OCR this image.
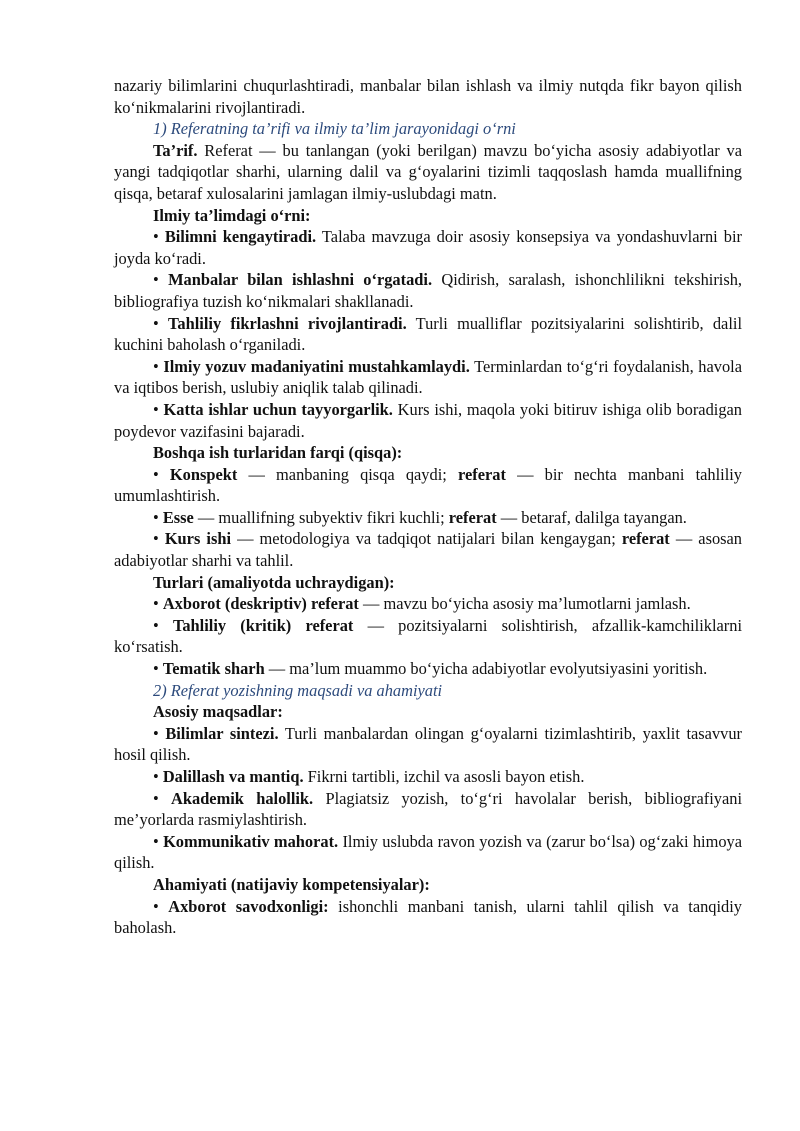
nazariy bilimlarini chuqurlashtiradi, manbalar bilan ishlash va ilmiy nutqda fikr bayon qilish ko‘nikmalarini rivojlantiradi.

1) Referatning ta’rifi va ilmiy ta’lim jarayonidagi o‘rni

Ta’rif. Referat — bu tanlangan (yoki berilgan) mavzu bo‘yicha asosiy adabiyotlar va yangi tadqiqotlar sharhi, ularning dalil va g‘oyalarini tizimli taqqoslash hamda muallifning qisqa, betaraf xulosalarini jamlagan ilmiy-uslubdagi matn.

Ilmiy ta’limdagi o‘rni:

• Bilimni kengaytiradi. Talaba mavzuga doir asosiy konsepsiya va yondashuvlarni bir joyda ko‘radi.

• Manbalar bilan ishlashni o‘rgatadi. Qidirish, saralash, ishonchlilikni tekshirish, bibliografiya tuzish ko‘nikmalari shakllanadi.

• Tahliliy fikrlashni rivojlantiradi. Turli mualliflar pozitsiyalarini solishtirib, dalil kuchini baholash o‘rganiladi.

• Ilmiy yozuv madaniyatini mustahkamlaydi. Terminlardan to‘g‘ri foydalanish, havola va iqtibos berish, uslubiy aniqlik talab qilinadi.

• Katta ishlar uchun tayyorgarlik. Kurs ishi, maqola yoki bitiruv ishiga olib boradigan poydevor vazifasini bajaradi.

Boshqa ish turlaridan farqi (qisqa):

• Konspekt — manbaning qisqa qaydi; referat — bir nechta manbani tahliliy umumlashtirish.

• Esse — muallifning subyektiv fikri kuchli; referat — betaraf, dalilga tayangan.

• Kurs ishi — metodologiya va tadqiqot natijalari bilan kengaygan; referat — asosan adabiyotlar sharhi va tahlil.

Turlari (amaliyotda uchraydigan):

• Axborot (deskriptiv) referat — mavzu bo‘yicha asosiy ma’lumotlarni jamlash.

• Tahliliy (kritik) referat — pozitsiyalarni solishtirish, afzallik-kamchiliklarni ko‘rsatish.

• Tematik sharh — ma’lum muammo bo‘yicha adabiyotlar evolyutsiyasini yoritish.

2) Referat yozishning maqsadi va ahamiyati

Asosiy maqsadlar:

• Bilimlar sintezi. Turli manbalardan olingan g‘oyalarni tizimlashtirib, yaxlit tasavvur hosil qilish.

• Dalillash va mantiq. Fikrni tartibli, izchil va asosli bayon etish.

• Akademik halollik. Plagiatsiz yozish, to‘g‘ri havolalar berish, bibliografiyani me’yorlarda rasmiylashtirish.

• Kommunikativ mahorat. Ilmiy uslubda ravon yozish va (zarur bo‘lsa) og‘zaki himoya qilish.

Ahamiyati (natijaviy kompetensiyalar):

• Axborot savodxonligi: ishonchli manbani tanish, ularni tahlil qilish va tanqidiy baholash.
